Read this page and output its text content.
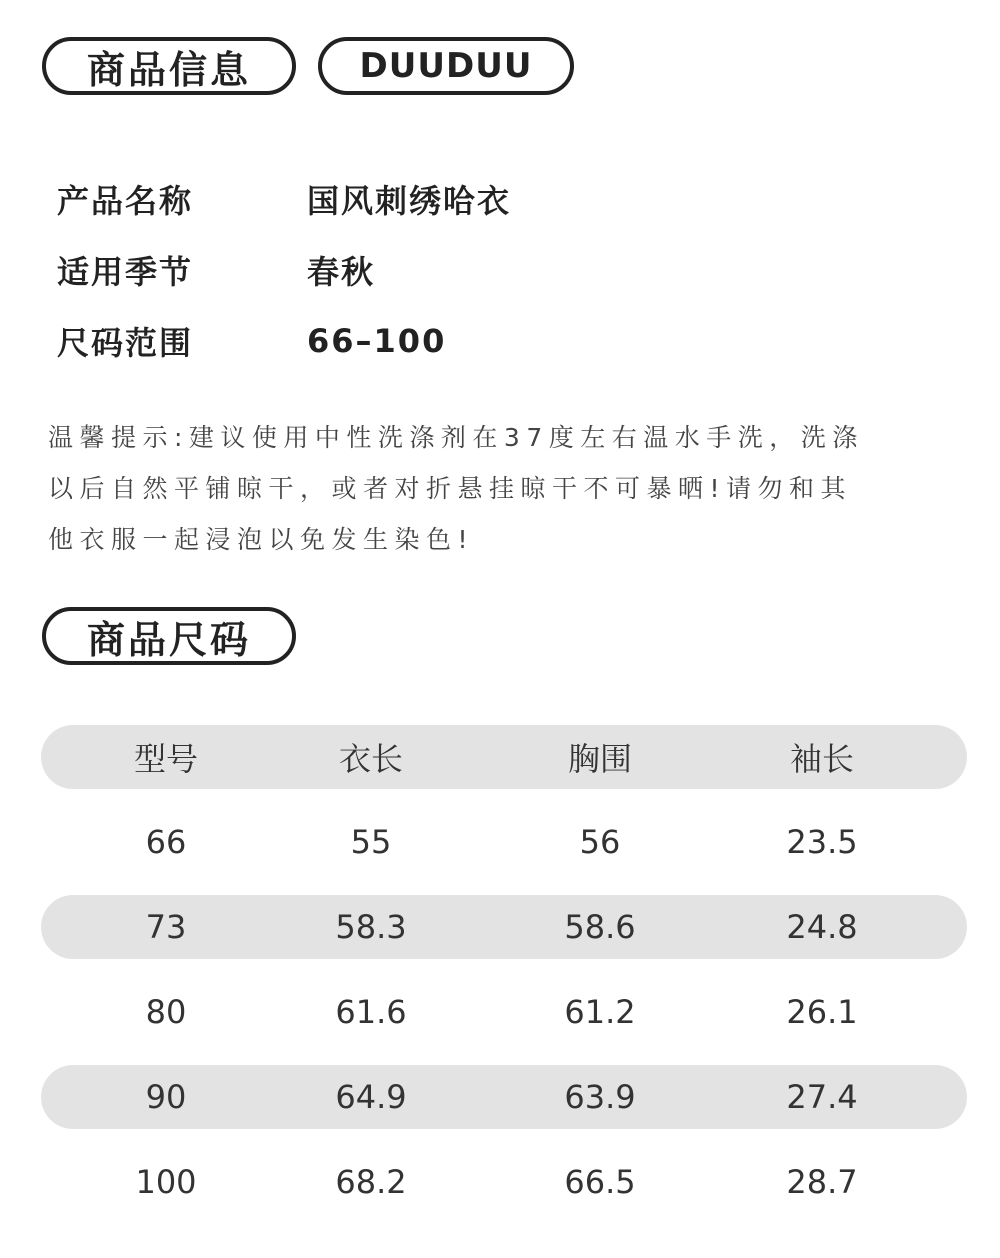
商品信息	DUUDUU
产品名称	国风刺绣哈衣
适用季节	春秋
尺码范围	66–100
温馨提示:建议使用中性洗涤剂在37度左右温水手洗，洗涤
以后自然平铺晾干，或者对折悬挂晾干不可暴晒!请勿和其
他衣服一起浸泡以免发生染色!
商品尺码
型号	衣长	胸围	袖长
66	55	56	23.5
73	58.3	58.6	24.8
80	61.6	61.2	26.1
90	64.9	63.9	27.4
100	68.2	66.5	28.7
